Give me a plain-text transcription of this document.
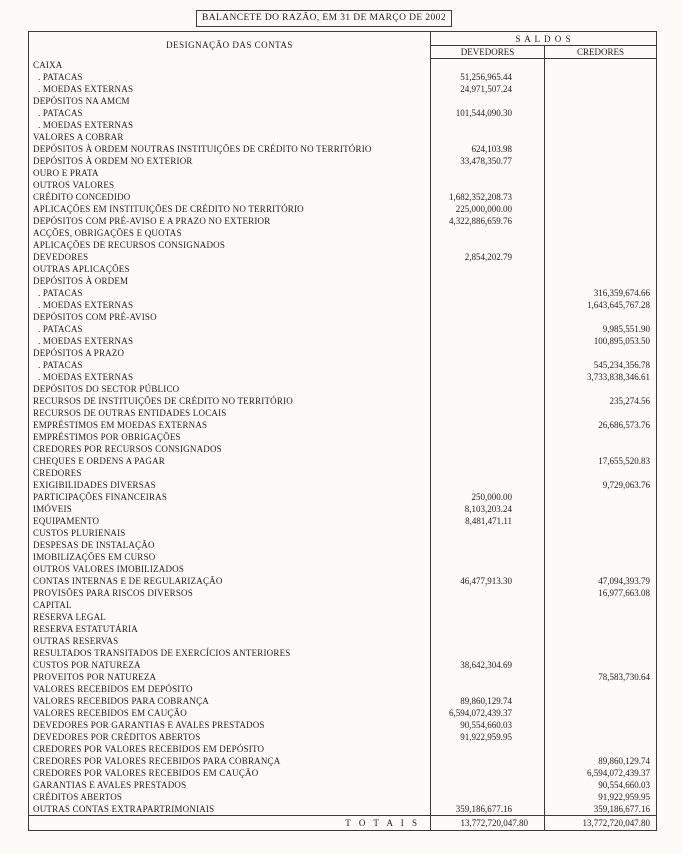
BALANCETE DO RAZÃO, EM 31 DE MARÇO DE 2002
DESIGNAÇÃO DAS CONTAS	S A L D O S	
	DEVEDORES	CREDORES
CAIXA		
. PATACAS	51,256,965.44	
. MOEDAS EXTERNAS	24,971,507.24	
DEPÓSITOS NA AMCM		
. PATACAS	101,544,090.30	
. MOEDAS EXTERNAS		
VALORES A COBRAR		
DEPÓSITOS À ORDEM NOUTRAS INSTITUIÇÕES DE CRÉDITO NO TERRITÓRIO	624,103.98	
DEPÓSITOS À ORDEM NO EXTERIOR	33,478,350.77	
OURO E PRATA		
OUTROS VALORES		
CRÉDITO CONCEDIDO	1,682,352,208.73	
APLICAÇÕES EM INSTITUIÇÕES DE CRÉDITO NO TERRITÓRIO	225,000,000.00	
DEPÓSITOS COM PRÉ-AVISO E A PRAZO NO EXTERIOR	4,322,886,659.76	
ACÇÕES, OBRIGAÇÕES E QUOTAS		
APLICAÇÕES DE RECURSOS CONSIGNADOS		
DEVEDORES	2,854,202.79	
OUTRAS APLICAÇÕES		
DEPÓSITOS À ORDEM		
. PATACAS		316,359,674.66
. MOEDAS EXTERNAS		1,643,645,767.28
DEPÓSITOS COM PRÉ-AVISO		
. PATACAS		9,985,551.90
. MOEDAS EXTERNAS		100,895,053.50
DEPÓSITOS A PRAZO		
. PATACAS		545,234,356.78
. MOEDAS EXTERNAS		3,733,838,346.61
DEPÓSITOS DO SECTOR PÚBLICO		
RECURSOS DE INSTITUIÇÕES DE CRÉDITO NO TERRITÓRIO		235,274.56
RECURSOS DE OUTRAS ENTIDADES LOCAIS		
EMPRÉSTIMOS EM MOEDAS EXTERNAS		26,686,573.76
EMPRÉSTIMOS POR OBRIGAÇÕES		
CREDORES POR RECURSOS CONSIGNADOS		
CHEQUES E ORDENS A PAGAR		17,655,520.83
CREDORES		
EXIGIBILIDADES DIVERSAS		9,729,063.76
PARTICIPAÇÕES FINANCEIRAS	250,000.00	
IMÓVEIS	8,103,203.24	
EQUIPAMENTO	8,481,471.11	
CUSTOS PLURIENAIS		
DESPESAS DE INSTALAÇÃO		
IMOBILIZAÇÕES EM CURSO		
OUTROS VALORES IMOBILIZADOS		
CONTAS INTERNAS E DE REGULARIZAÇÃO	46,477,913.30	47,094,393.79
PROVISÕES PARA RISCOS DIVERSOS		16,977,663.08
CAPITAL		
RESERVA LEGAL		
RESERVA ESTATUTÁRIA		
OUTRAS RESERVAS		
RESULTADOS TRANSITADOS DE EXERCÍCIOS ANTERIORES		
CUSTOS POR NATUREZA	38,642,304.69	
PROVEITOS POR NATUREZA		78,583,730.64
VALORES RECEBIDOS EM DEPÓSITO		
VALORES RECEBIDOS PARA COBRANÇA	89,860,129.74	
VALORES RECEBIDOS EM CAUÇÃO	6,594,072,439.37	
DEVEDORES POR GARANTIAS E AVALES PRESTADOS	90,554,660.03	
DEVEDORES POR CRÉDITOS ABERTOS	91,922,959.95	
CREDORES POR VALORES RECEBIDOS EM DEPÓSITO		
CREDORES POR VALORES RECEBIDOS PARA COBRANÇA		89,860,129.74
CREDORES POR VALORES RECEBIDOS EM CAUÇÃO		6,594,072,439.37
GARANTIAS E AVALES PRESTADOS		90,554,660.03
CRÉDITOS ABERTOS		91,922,959.95
OUTRAS CONTAS EXTRAPARTRIMONIAIS	359,186,677.16	359,186,677.16
T O T A I S	13,772,720,047.80	13,772,720,047.80
